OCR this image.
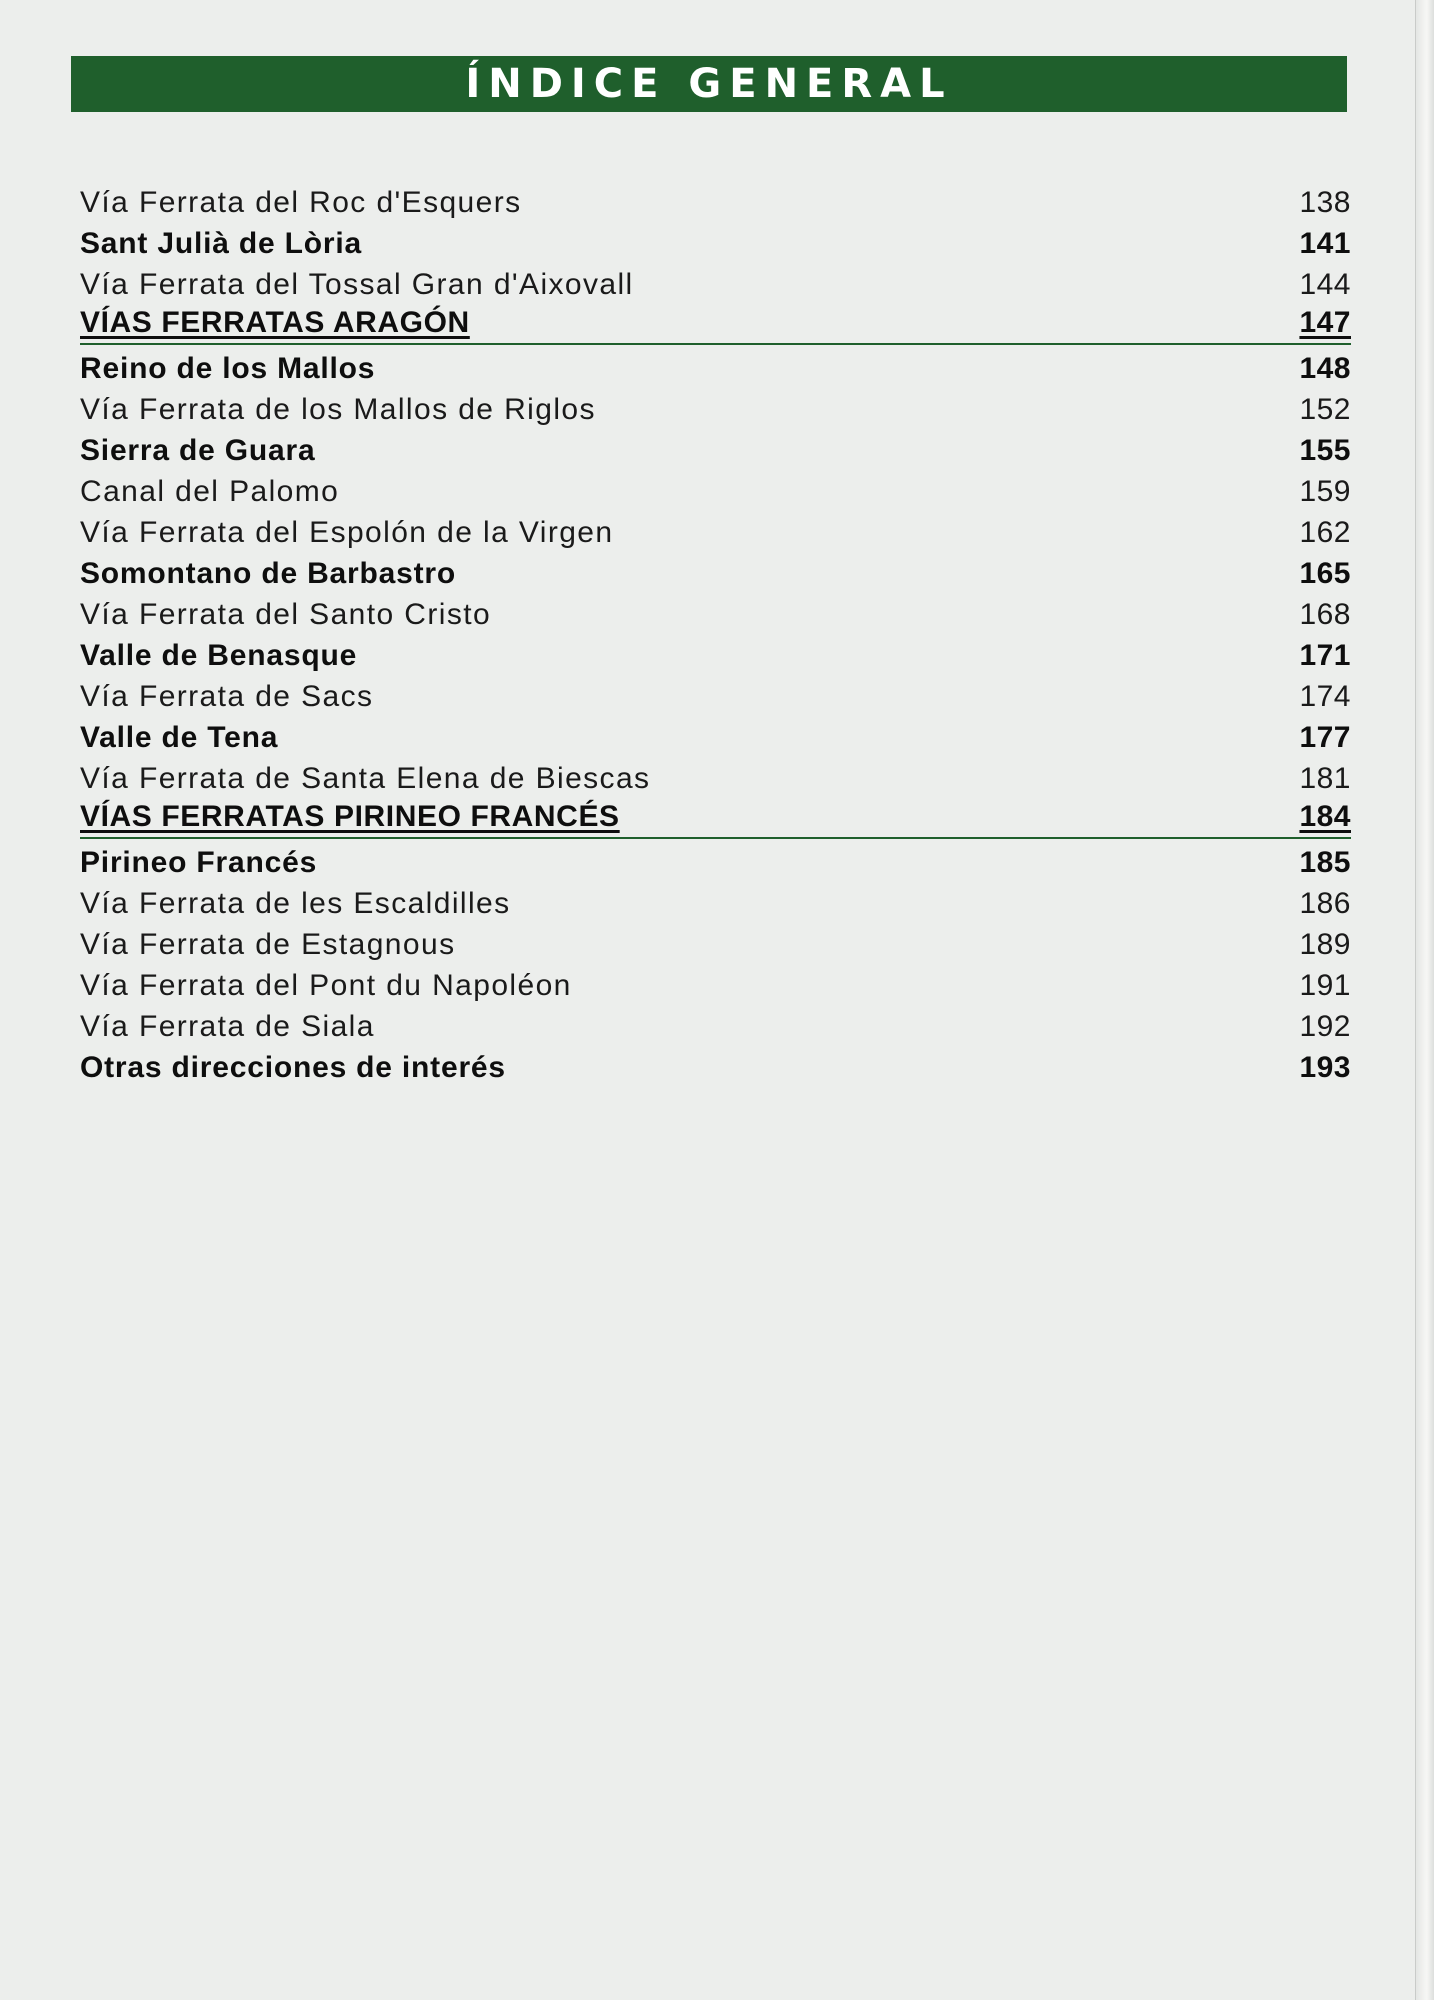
ÍNDICE GENERAL
Vía Ferrata del Roc d'Esquers	138
Sant Julià de Lòria	141
Vía Ferrata del Tossal Gran d'Aixovall	144
VÍAS FERRATAS ARAGÓN	147
Reino de los Mallos	148
Vía Ferrata de los Mallos de Riglos	152
Sierra de Guara	155
Canal del Palomo	159
Vía Ferrata del Espolón de la Virgen	162
Somontano de Barbastro	165
Vía Ferrata del Santo Cristo	168
Valle de Benasque	171
Vía Ferrata de Sacs	174
Valle de Tena	177
Vía Ferrata de Santa Elena de Biescas	181
VÍAS FERRATAS PIRINEO FRANCÉS	184
Pirineo Francés	185
Vía Ferrata de les Escaldilles	186
Vía Ferrata de Estagnous	189
Vía Ferrata del Pont du Napoléon	191
Vía Ferrata de Siala	192
Otras direcciones de interés	193
